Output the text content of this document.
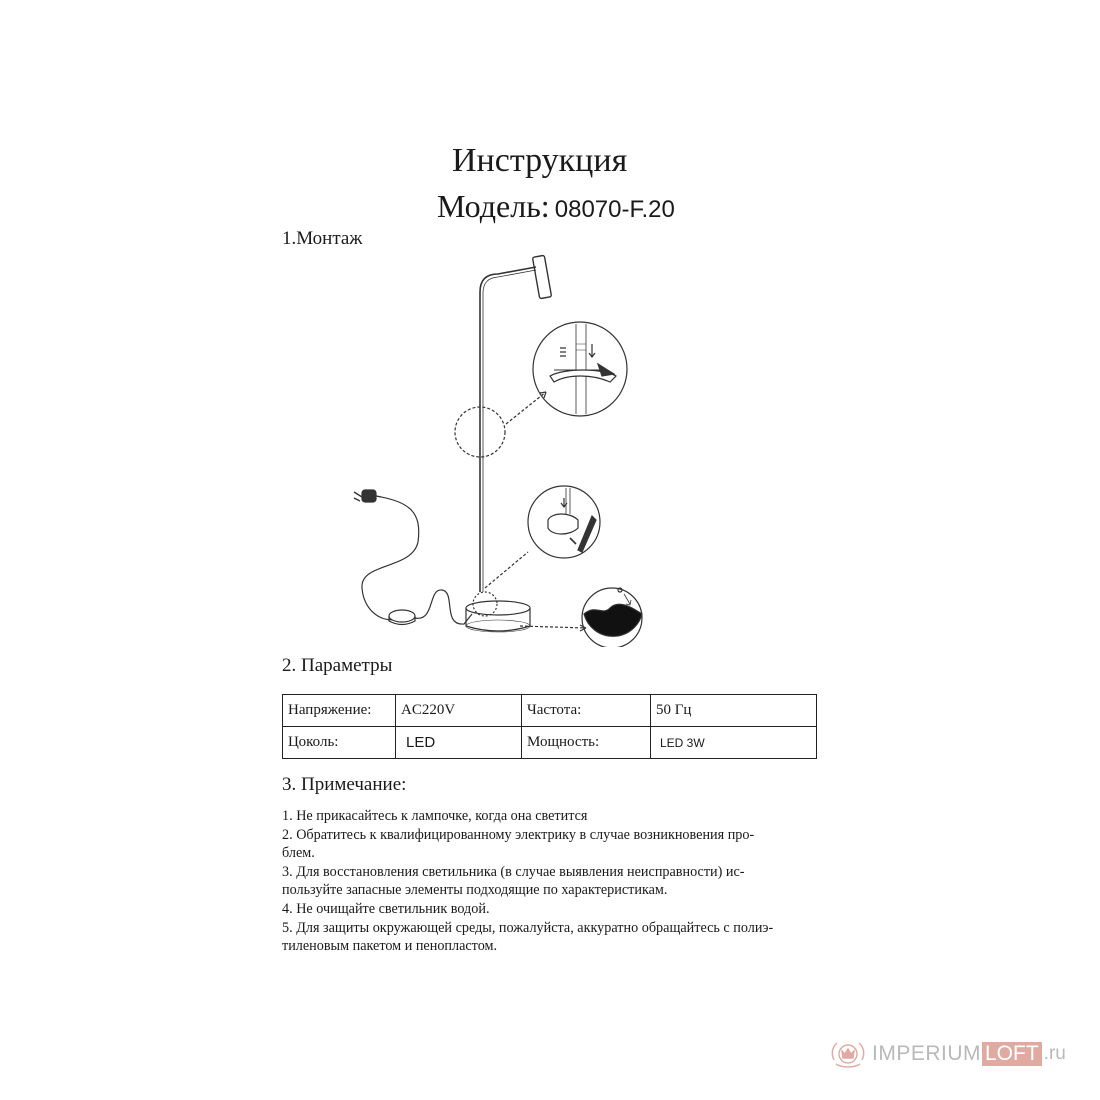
Инструкция
Модель: 08070-F.20
1.Монтаж
2. Параметры
Напряжение:	AC220V	Частота:	50 Гц
Цоколь:	LED	Мощность:	LED 3W
3. Примечание:
1. Не прикасайтесь к лампочке, когда она светится
2. Обратитесь к квалифицированному электрику в случае возникновения про-
блем.
3. Для восстановления светильника (в случае выявления неисправности) ис-
пользуйте запасные элементы подходящие по характеристикам.
4. Не очищайте светильник водой.
5. Для защиты окружающей среды, пожалуйста, аккуратно обращайтесь с полиэ-
тиленовым пакетом и пенопластом.
IMPERIUM LOFT .ru
